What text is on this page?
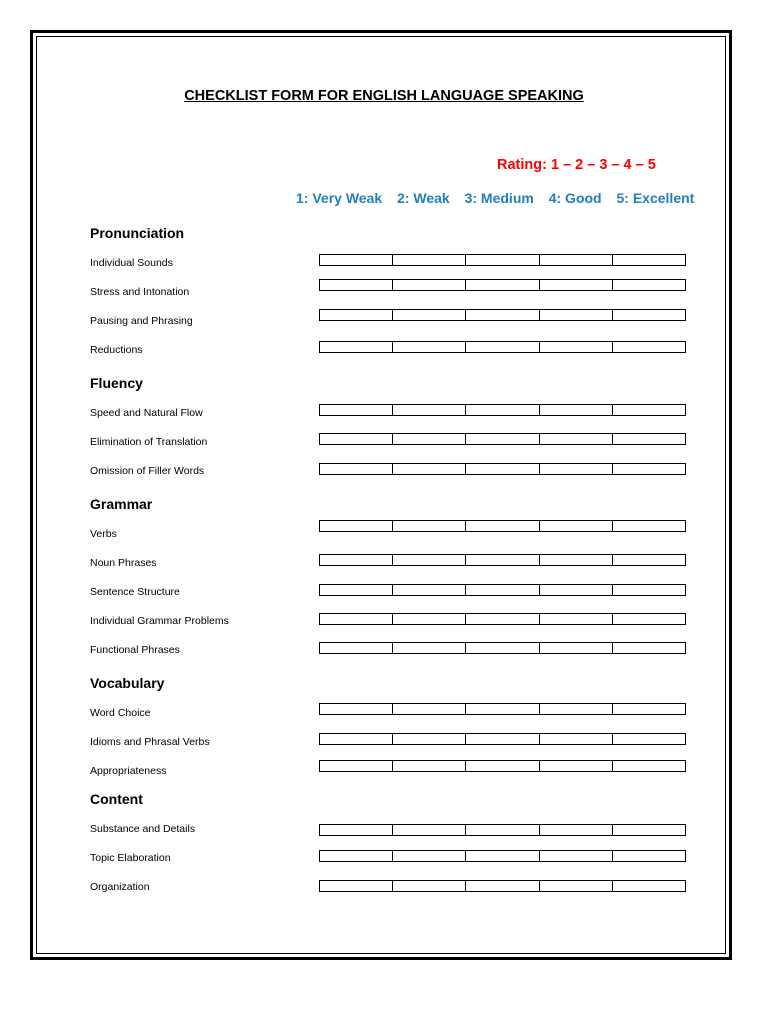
CHECKLIST FORM FOR ENGLISH LANGUAGE SPEAKING
Rating: 1 – 2 – 3 – 4 – 5
1: Very Weak 2: Weak 3: Medium 4: Good 5: Excellent
Pronunciation
Individual Sounds
Stress and Intonation
Pausing and Phrasing
Reductions
Fluency
Speed and Natural Flow
Elimination of Translation
Omission of Filler Words
Grammar
Verbs
Noun Phrases
Sentence Structure
Individual Grammar Problems
Functional Phrases
Vocabulary
Word Choice
Idioms and Phrasal Verbs
Appropriateness
Content
Substance and Details
Topic Elaboration
Organization
